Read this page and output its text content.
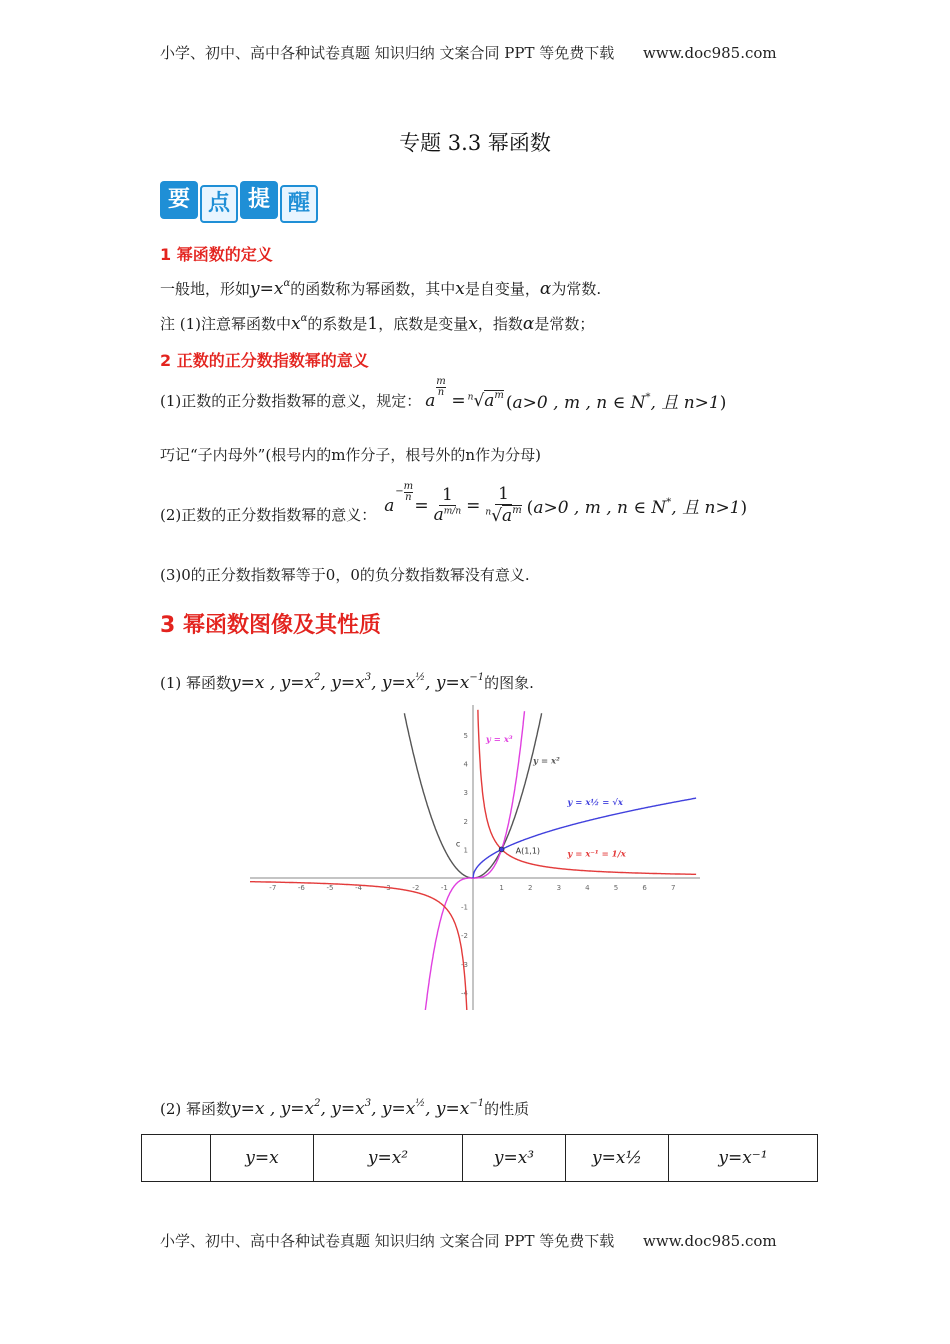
小学、初中、高中各种试卷真题 知识归纳 文案合同 PPT 等免费下载 www.doc985.com
专题 3.3 幂函数
要 点 提 醒
1 幂函数的定义
一般地，形如$y=x^\alpha$的函数称为幂函数，其中x是自变量，α为常数.
注 (1)注意幂函数中$x^\alpha$的系数是1，底数是变量x，指数α是常数；
2 正数的正分数指数幂的意义
(1)正数的正分数指数幂的意义，规定： a
m
$n = ^n√a^m$ (a>0 , m , n ∈ N*, 且 n>1)
巧记“子内母外”(根号内的m作分子，根号外的n作为分母)
(2)正数的正分数指数幂的意义： a
− m
$n = \frac{1}{a^{m/n}} = \frac{1}{^n√a^m} (a>0$ , m , n ∈ N*, 且 n>1)
(3)0的正分数指数幂等于0，0的负分数指数幂没有意义.
3 幂函数图像及其性质
(1) 幂函数y=x , $y=x^2$, $y=x^3$, $y=x^{\frac{1}{2}}$, $y=x^{-1}$的图象.
-7	-6	-5	-4	-3	-2	-1	1	2	3	4	5	6	7
-4
-3
-2
-1
1
2
3
4
5
A(1,1)
c
y = x²
y = x³
y = x½ = √x
y = x⁻¹ = 1/x
(2) 幂函数y=x , $y=x^2$, $y=x^3$, $y=x^{\frac{1}{2}}$, $y=x^{-1}$的性质
	y=x	y=x²	y=x³	y=x½	y=x⁻¹
小学、初中、高中各种试卷真题 知识归纳 文案合同 PPT 等免费下载 www.doc985.com
